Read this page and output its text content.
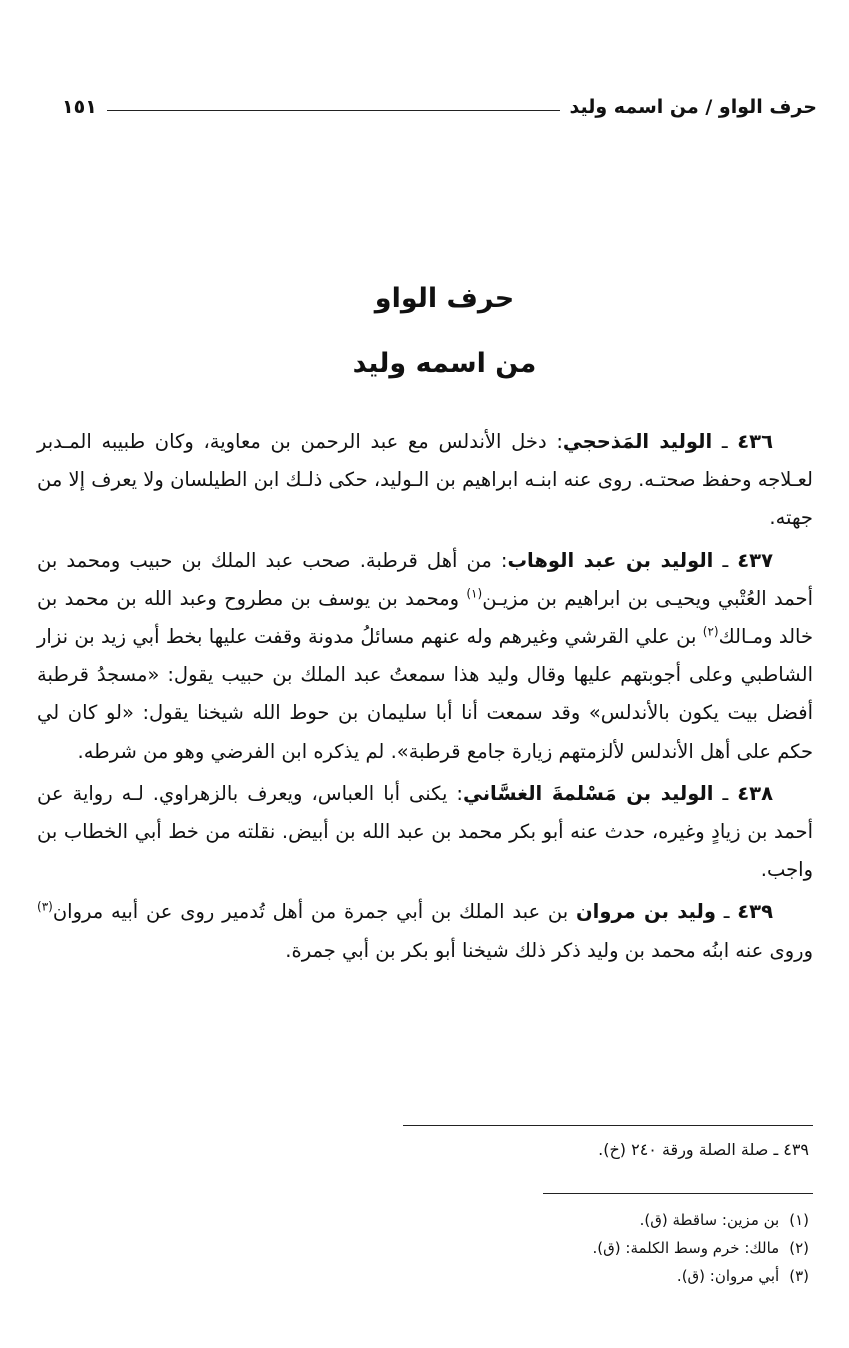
حرف الواو / من اسمه وليد
١٥١
حرف الواو
من اسمه وليد

٤٣٦ ـ الوليد المَذحجي: دخل الأندلس مع عبد الرحمن بن معاوية، وكان طبيبه المـدبر لعـلاجه وحفظ صحتـه. روى عنه ابنـه ابراهيم بن الـوليد، حكى ذلـك ابن الطيلسان ولا يعرف إلا من جهته.

٤٣٧ ـ الوليد بن عبد الوهاب: من أهل قرطبة. صحب عبد الملك بن حبيب ومحمد بن أحمد العُتْبي ويحيـى بن ابراهيم بن مزيـن$^{(١)}$ ومحمد بن يوسف بن مطروح وعبد الله بن محمد بن خالد ومـالك$^{(٢)}$ بن علي القرشي وغيرهم وله عنهم مسائلُ مدونة وقفت عليها بخط أبي زيد بن نزار الشاطبي وعلى أجوبتهم عليها وقال وليد هذا سمعتُ عبد الملك بن حبيب يقول: «مسجدُ قرطبة أفضل بيت يكون بالأندلس» وقد سمعت أنا أبا سليمان بن حوط الله شيخنا يقول: «لو كان لي حكم على أهل الأندلس لألزمتهم زيارة جامع قرطبة». لم يذكره ابن الفرضي وهو من شرطه.

٤٣٨ ـ الوليد بن مَسْلمةَ الغسَّاني: يكنى أبا العباس، ويعرف بالزهراوي. لـه رواية عن أحمد بن زيادٍ وغيره، حدث عنه أبو بكر محمد بن عبد الله بن أبيض. نقلته من خط أبي الخطاب بن واجب.

٤٣٩ ـ وليد بن مروان بن عبد الملك بن أبي جمرة من أهل تُدمير روى عن أبيه مروان$^{(٣)}$ وروى عنه ابنُه محمد بن وليد ذكر ذلك شيخنا أبو بكر بن أبي جمرة.

٤٣٩ ـ صلة الصلة ورقة ٢٤٠ (خ).
(١)بن مزين: ساقطة (ق).
(٢)مالك: خرم وسط الكلمة: (ق).
(٣)أبي مروان: (ق).
